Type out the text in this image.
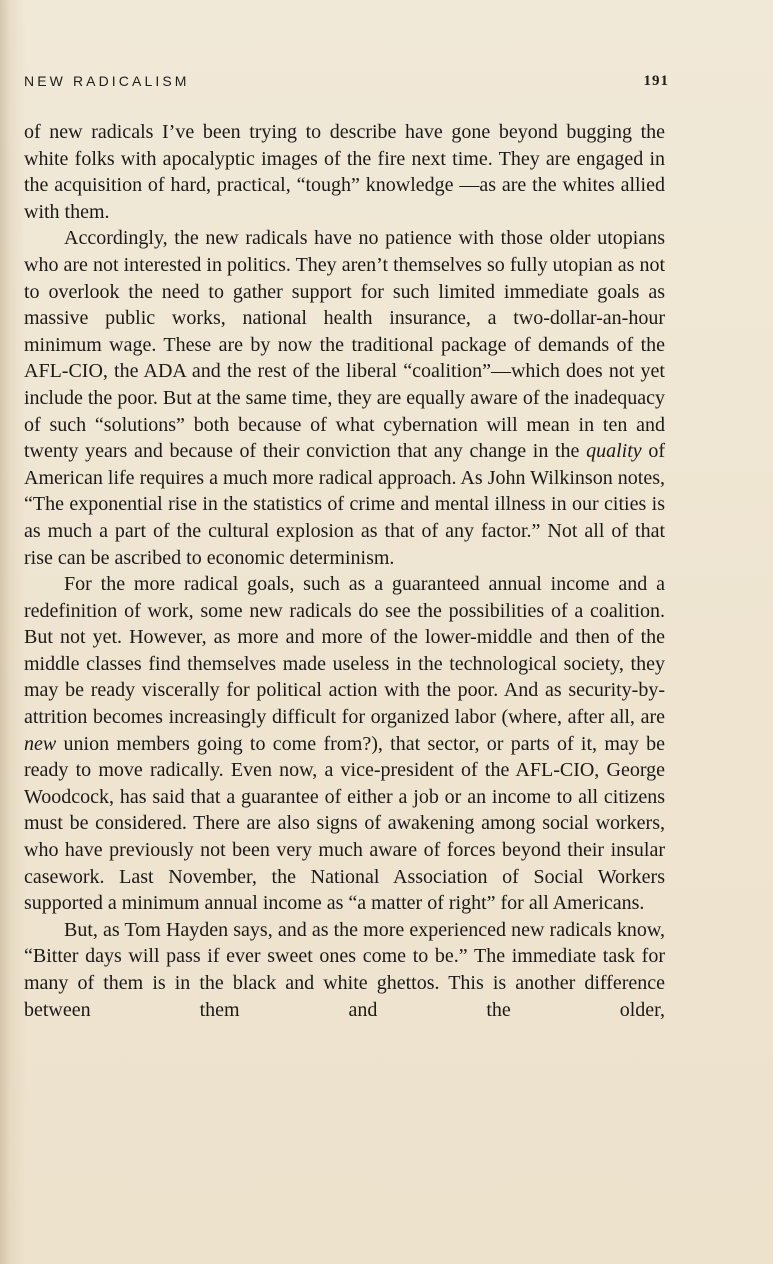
NEW RADICALISM	191

of new radicals I’ve been trying to describe have gone beyond bugging the white folks with apocalyptic images of the fire next time. They are engaged in the acquisition of hard, practical, “tough” knowledge —as are the whites allied with them.

Accordingly, the new radicals have no patience with those older utopians who are not interested in politics. They aren’t themselves so fully utopian as not to overlook the need to gather support for such limited immediate goals as massive public works, national health insurance, a two-dollar-an-hour minimum wage. These are by now the traditional package of demands of the AFL-CIO, the ADA and the rest of the liberal “coalition”—which does not yet include the poor. But at the same time, they are equally aware of the inadequacy of such “solutions” both because of what cybernation will mean in ten and twenty years and because of their conviction that any change in the quality of American life requires a much more radical approach. As John Wilkinson notes, “The exponential rise in the statistics of crime and mental illness in our cities is as much a part of the cultural explosion as that of any factor.” Not all of that rise can be ascribed to economic determinism.

For the more radical goals, such as a guaranteed annual income and a redefinition of work, some new radicals do see the possibilities of a coalition. But not yet. However, as more and more of the lower-middle and then of the middle classes find themselves made useless in the technological society, they may be ready viscerally for political action with the poor. And as security-by-attrition becomes increasingly difficult for organized labor (where, after all, are new union members going to come from?), that sector, or parts of it, may be ready to move radically. Even now, a vice-president of the AFL-CIO, George Woodcock, has said that a guarantee of either a job or an income to all citizens must be considered. There are also signs of awakening among social workers, who have previously not been very much aware of forces beyond their insular casework. Last November, the National Association of Social Workers supported a minimum annual income as “a matter of right” for all Americans.

But, as Tom Hayden says, and as the more experienced new radicals know, “Bitter days will pass if ever sweet ones come to be.” The immediate task for many of them is in the black and white ghettos. This is another difference between them and the older,
